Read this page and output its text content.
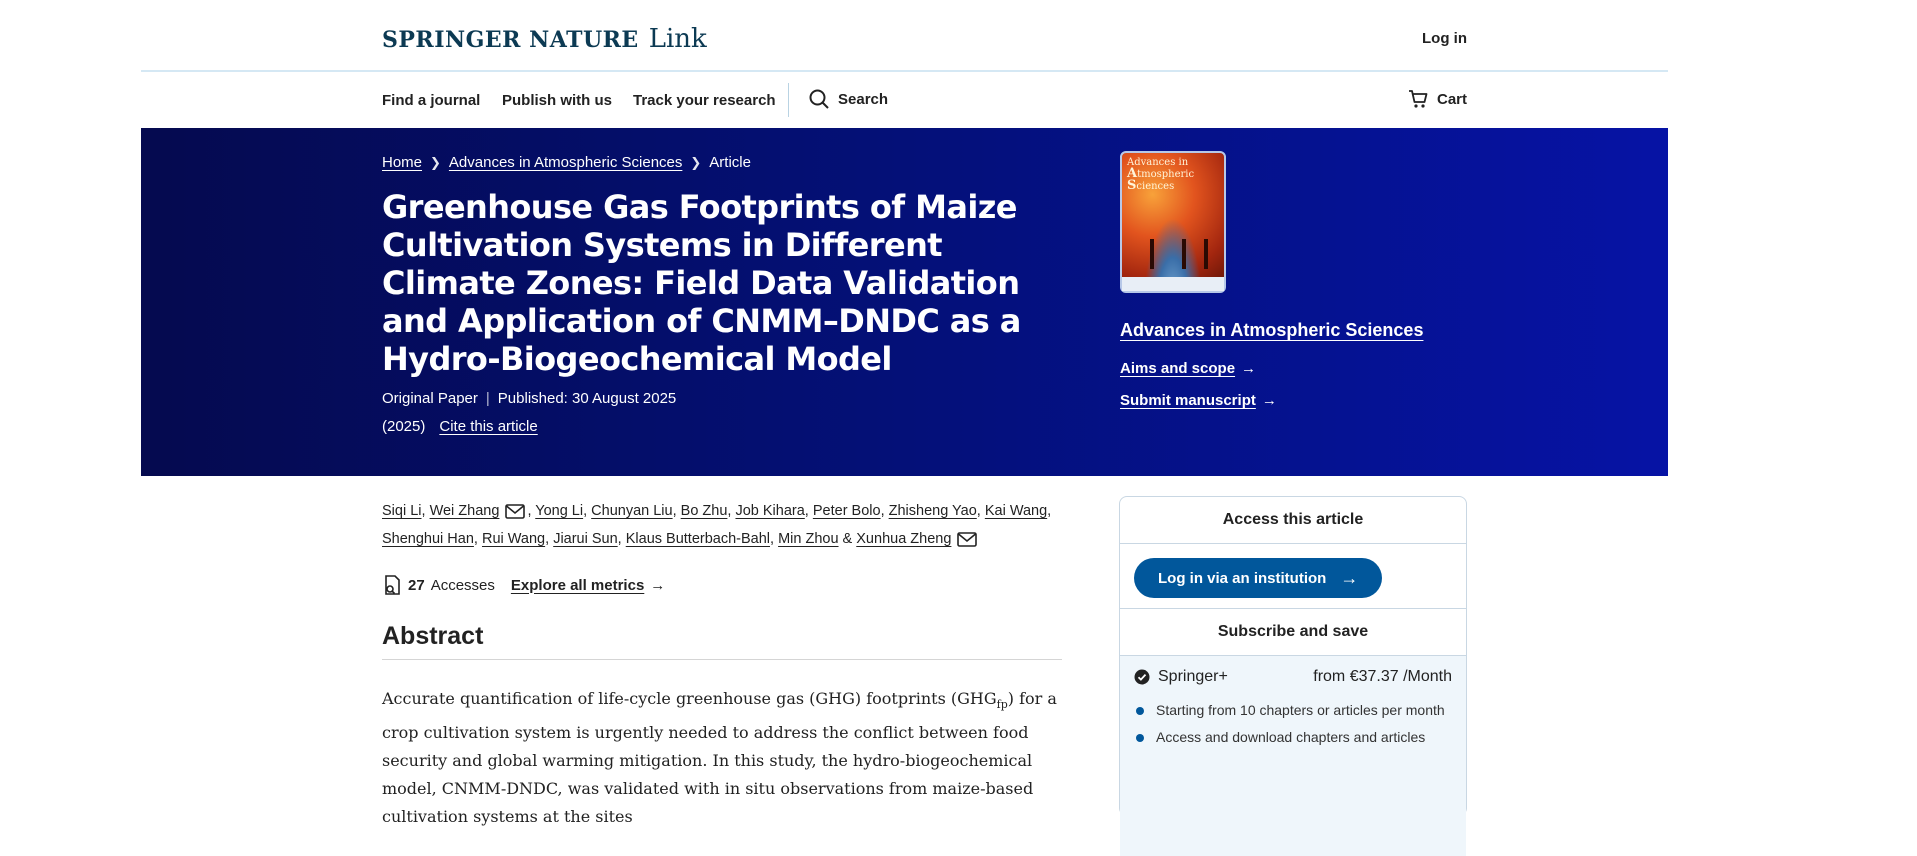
SPRINGER NATURE Link	Log in
Find a journal Publish with us Track your research	Search	Cart
Home ❯ Advances in Atmospheric Sciences ❯ Article
Greenhouse Gas Footprints of Maize Cultivation Systems in Different Climate Zones: Field Data Validation and Application of CNMM–DNDC as a Hydro-Biogeochemical Model
Original Paper | Published: 30 August 2025
(2025) Cite this article
Advances in
Atmospheric
Sciences
Advances in Atmospheric Sciences
Aims and scope →
Submit manuscript →
Siqi Li, Wei Zhang , Yong Li, Chunyan Liu, Bo Zhu, Job Kihara, Peter Bolo, Zhisheng Yao, Kai Wang,
Shenghui Han, Rui Wang, Jiarui Sun, Klaus Butterbach-Bahl, Min Zhou & Xunhua Zheng
27 Accesses Explore all metrics →
Abstract

Accurate quantification of life-cycle greenhouse gas (GHG) footprints $(GHG_{fp})$ for a crop cultivation system is urgently needed to address the conflict between food security and global warming mitigation. In this study, the hydro-biogeochemical model, CNMM-DNDC, was validated with in situ observations from maize-based cultivation systems at the sites

Access this article
Log in via an institution →
Subscribe and save
Springer+	from €37.37 /Month
Starting from 10 chapters or articles per month
Access and download chapters and articles
